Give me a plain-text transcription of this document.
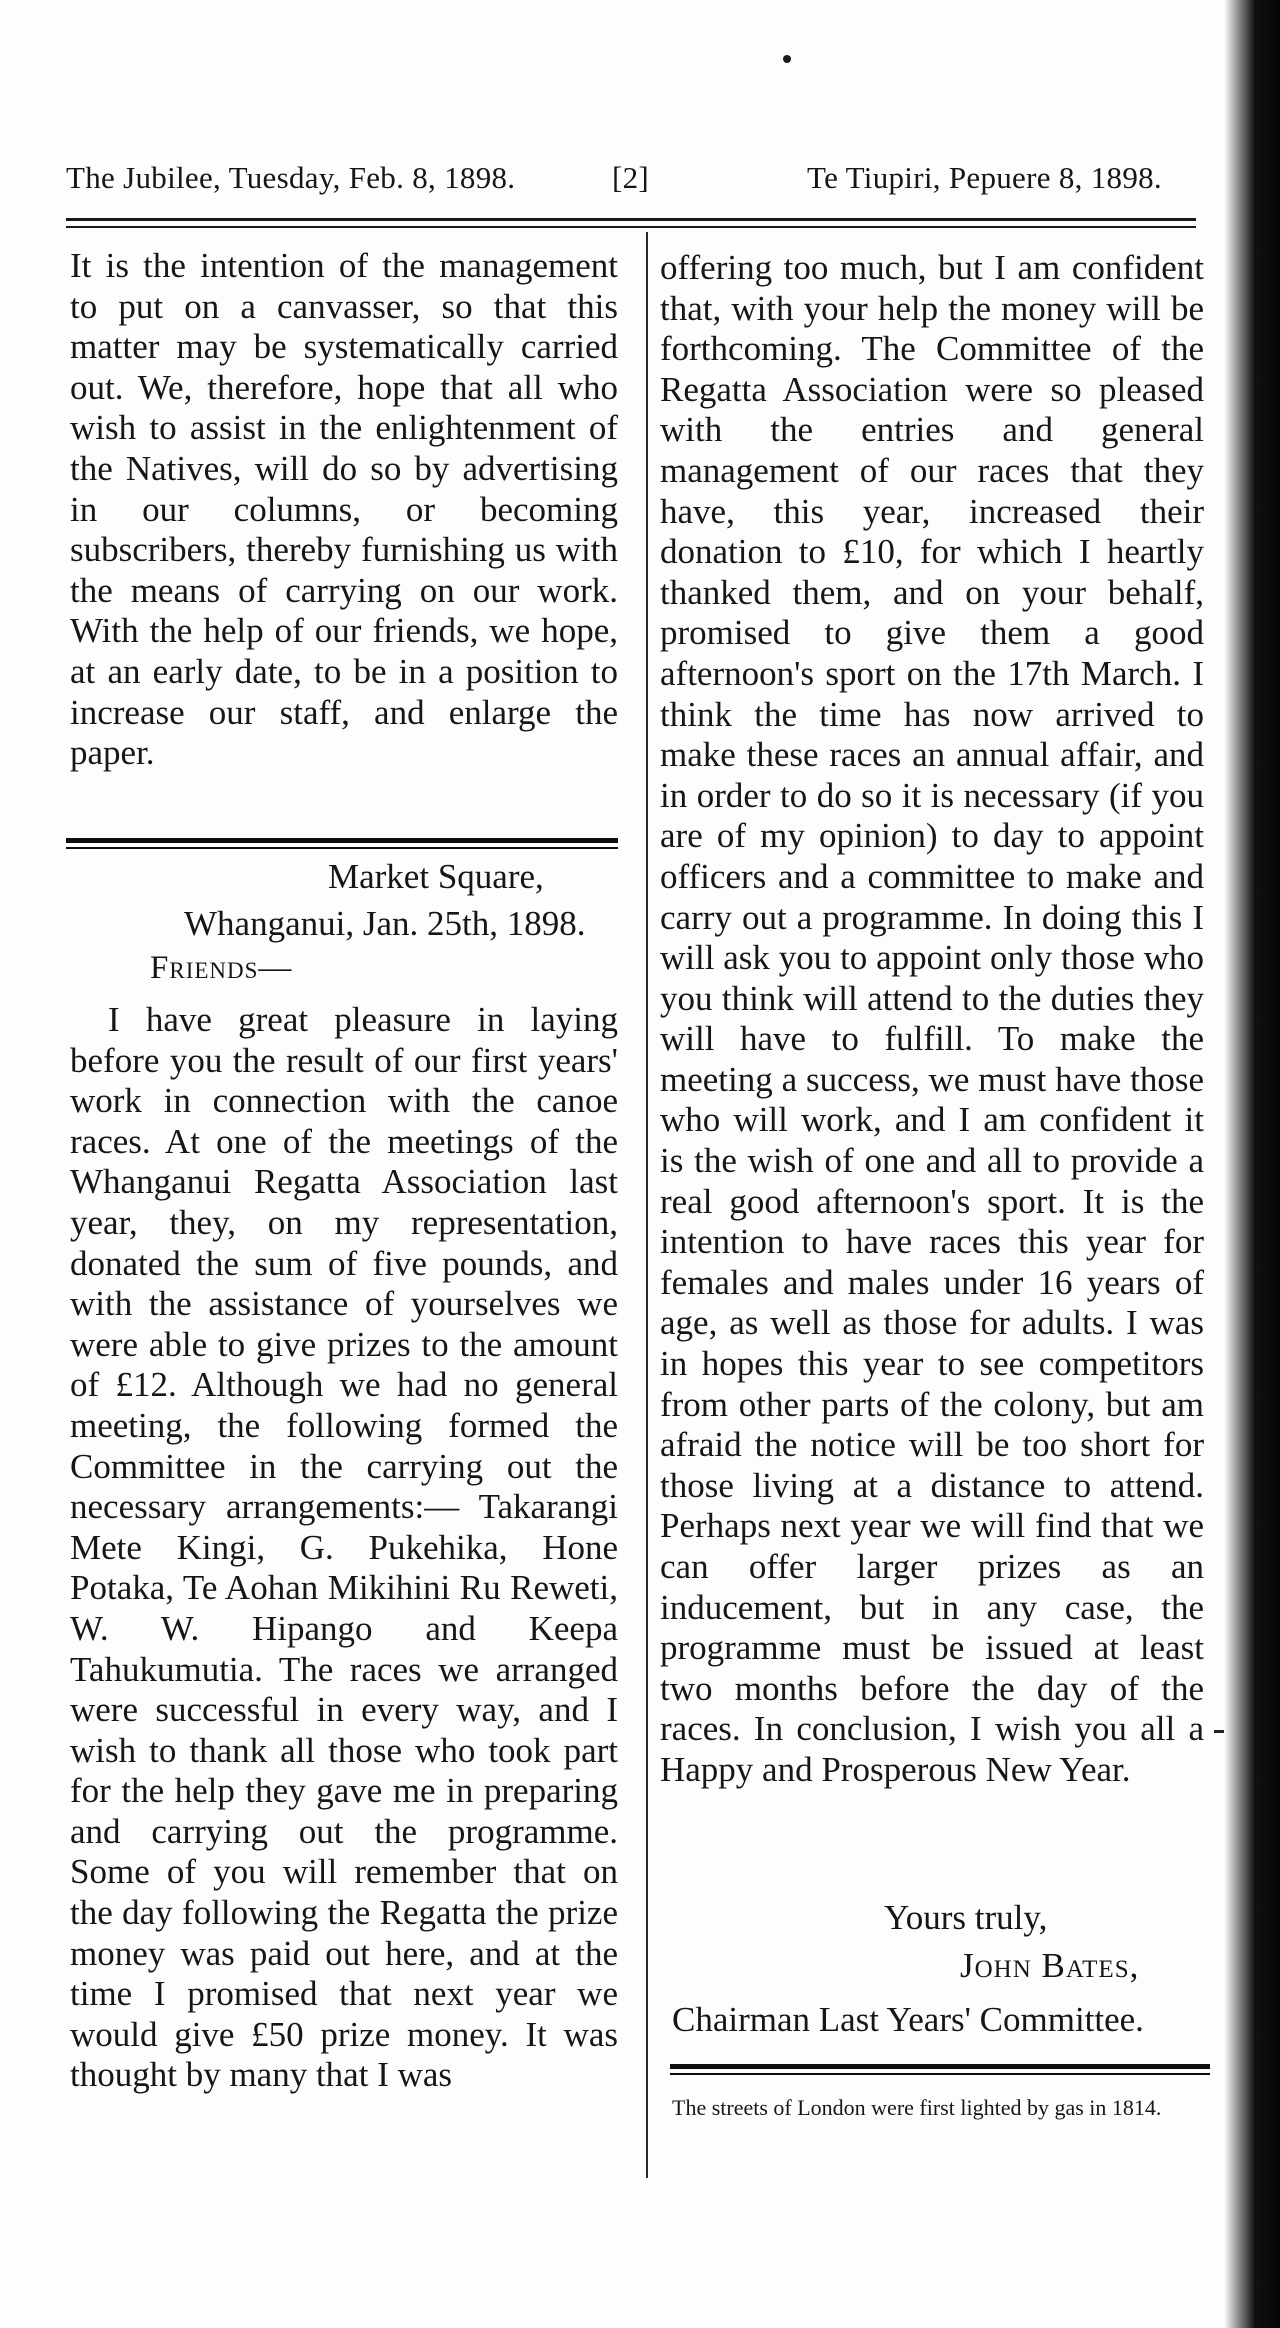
The Jubilee, Tuesday, Feb. 8, 1898.	[2]	Te Tiupiri, Pepuere 8, 1898.

It is the intention of the management to put on a canvasser, so that this matter may be systematically carried out. We, therefore, hope that all who wish to assist in the enlightenment of the Natives, will do so by advertising in our columns, or becoming subscribers, thereby furnishing us with the means of carrying on our work. With the help of our friends, we hope, at an early date, to be in a position to increase our staff, and enlarge the paper.

Market Square,
Whanganui, Jan. 25th, 1898.
Friends—

I have great pleasure in laying before you the result of our first years' work in connection with the canoe races. At one of the meetings of the Whanganui Regatta Association last year, they, on my representation, donated the sum of five pounds, and with the assistance of yourselves we were able to give prizes to the amount of £12. Although we had no general meeting, the following formed the Committee in the carrying out the necessary arrangements:— Takarangi Mete Kingi, G. Pukehika, Hone Potaka, Te Aohan Mikihini Ru Reweti, W. W. Hipango and Keepa Tahukumutia. The races we arranged were successful in every way, and I wish to thank all those who took part for the help they gave me in preparing and carrying out the programme. Some of you will remember that on the day following the Regatta the prize money was paid out here, and at the time I promised that next year we would give £50 prize money. It was thought by many that I was

offering too much, but I am confident that, with your help the money will be forthcoming. The Committee of the Regatta Association were so pleased with the entries and general management of our races that they have, this year, increased their donation to £10, for which I heartly thanked them, and on your behalf, promised to give them a good afternoon's sport on the 17th March. I think the time has now arrived to make these races an annual affair, and in order to do so it is necessary (if you are of my opinion) to day to appoint officers and a committee to make and carry out a programme. In doing this I will ask you to appoint only those who you think will attend to the duties they will have to fulfill. To make the meeting a success, we must have those who will work, and I am confident it is the wish of one and all to provide a real good afternoon's sport. It is the intention to have races this year for females and males under 16 years of age, as well as those for adults. I was in hopes this year to see competitors from other parts of the colony, but am afraid the notice will be too short for those living at a distance to attend. Perhaps next year we will find that we can offer larger prizes as an inducement, but in any case, the programme must be issued at least two months before the day of the races. In conclusion, I wish you all a Happy and Prosperous New Year.

Yours truly,
John Bates,
Chairman Last Years' Committee.
The streets of London were first lighted by gas in 1814.
